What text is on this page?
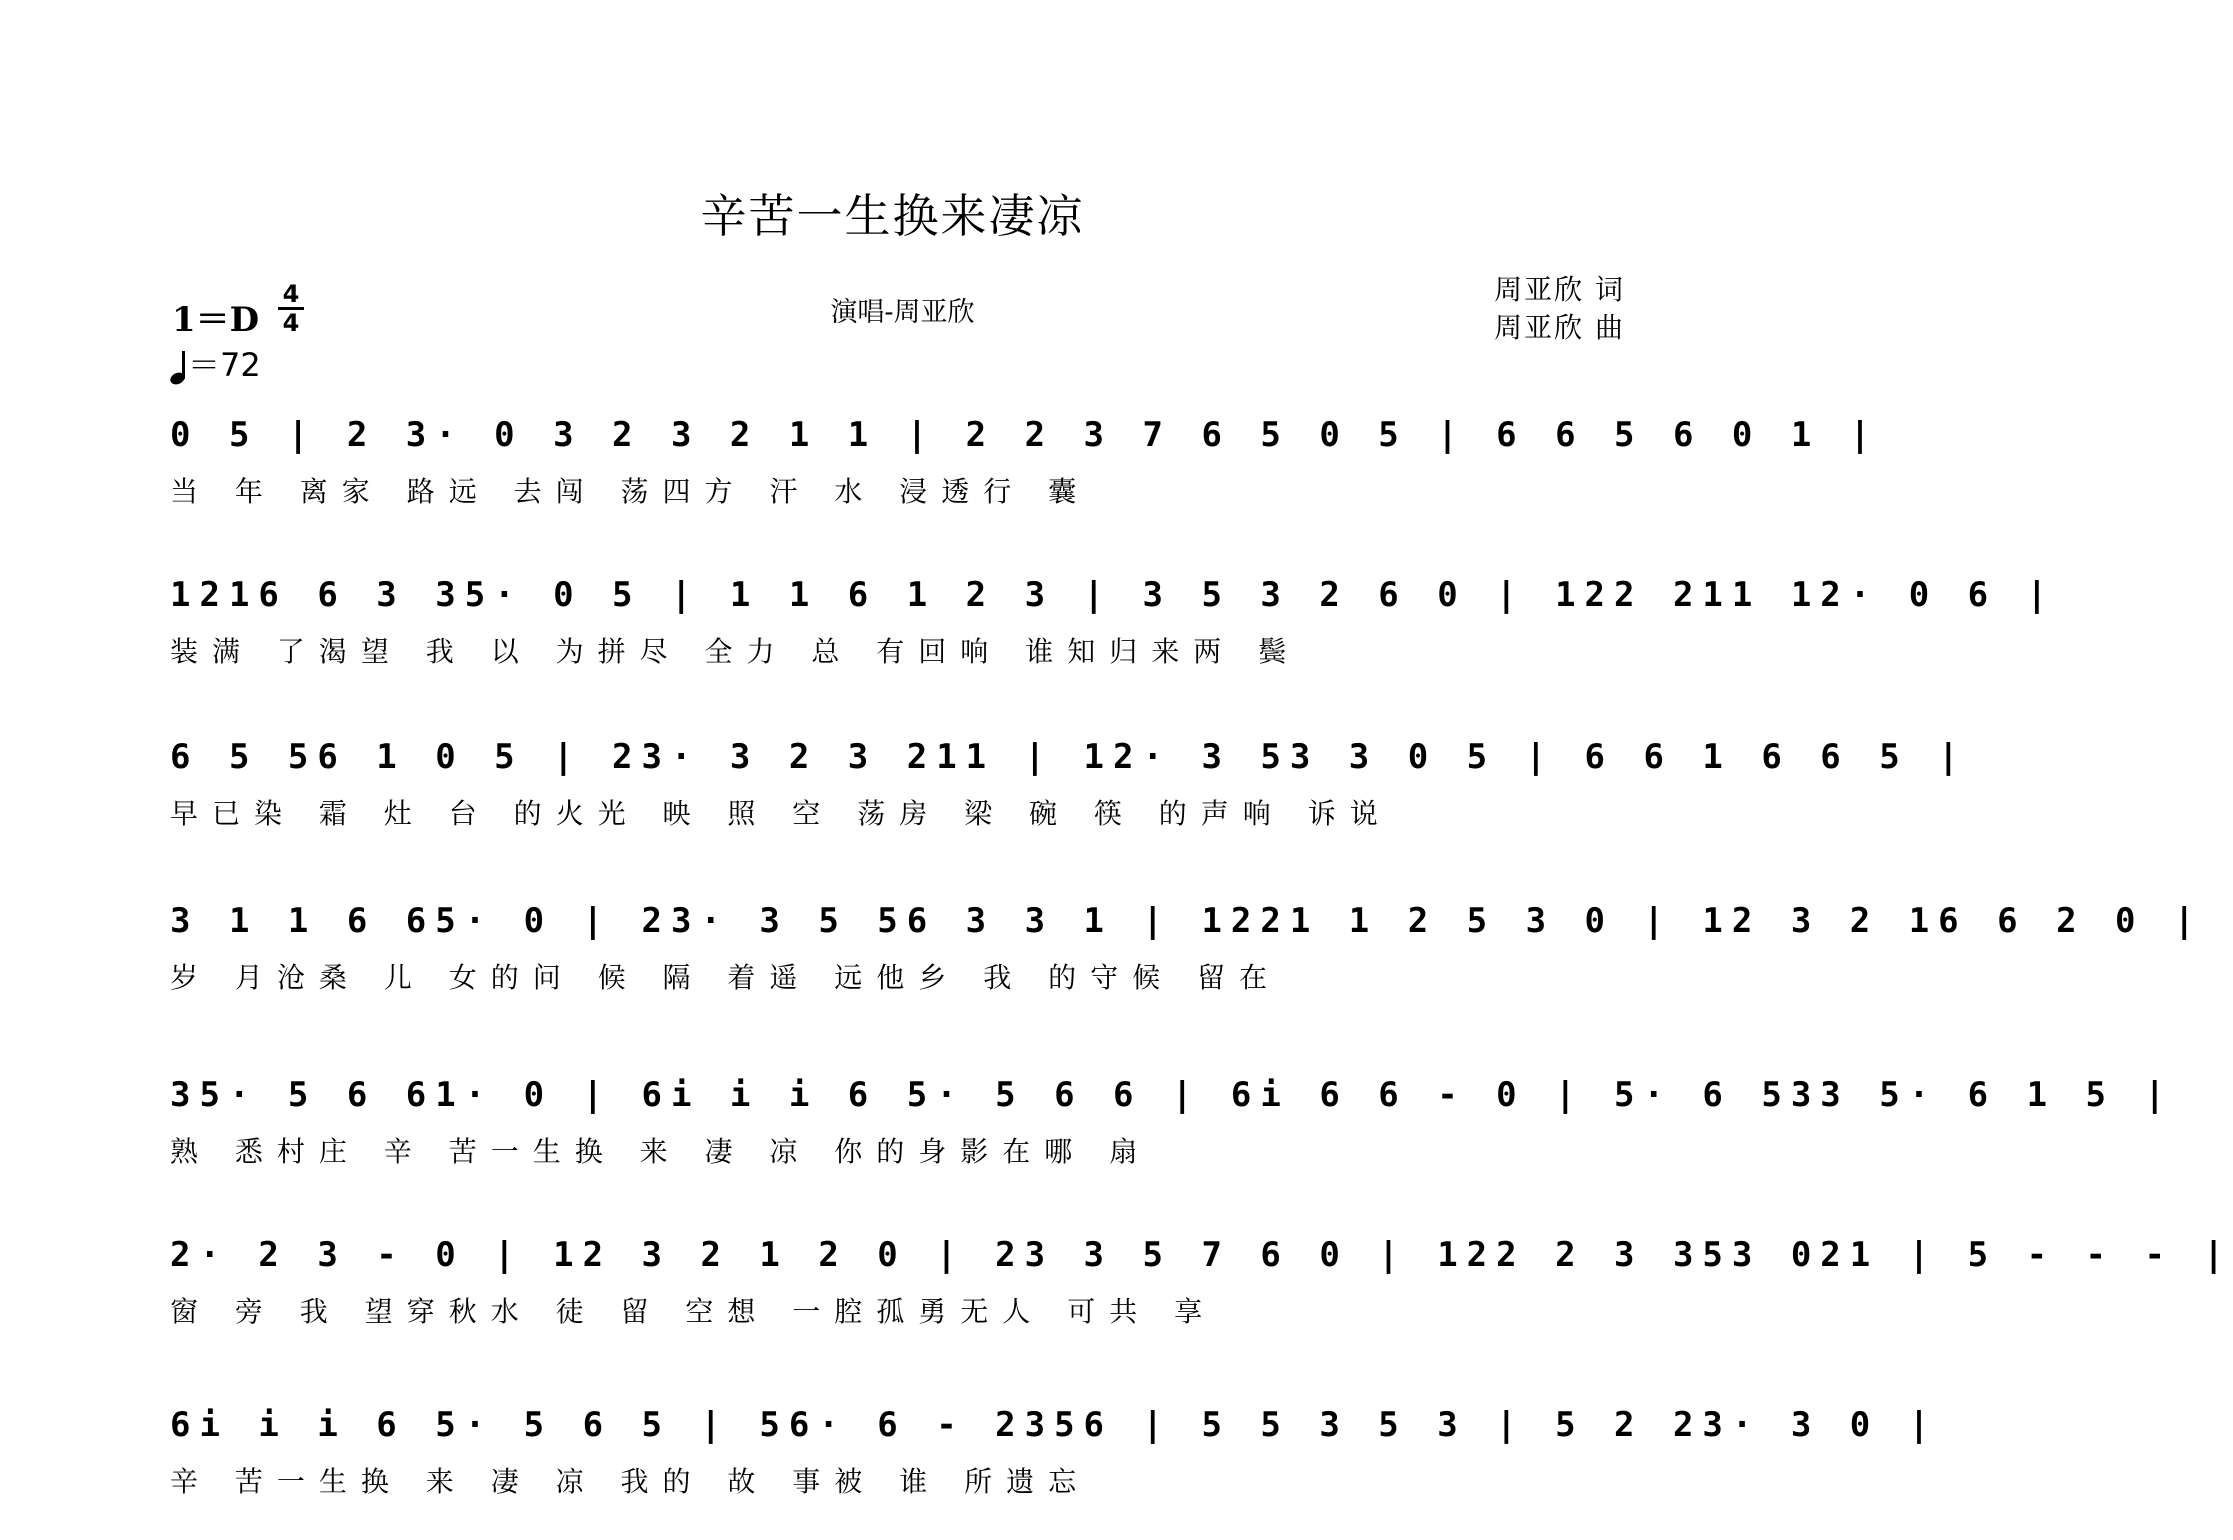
辛苦一生换来凄凉
演唱-周亚欣
周亚欣 词
周亚欣 曲
1＝D
4
4
＝72
0 5 | 2 3· 0 3 2 3 2 1 1 | 2 2 3 7 6 5 0 5 | 6 6 5 6 0 1 |
当 年 离家 路远 去闯 荡四方 汗 水 浸透行 囊
1216 6 3 35· 0 5 | 1 1 6 1 2 3 | 3 5 3 2 6 0 | 122 211 12· 0 6 |
装满 了渴望 我 以 为拼尽 全力 总 有回响 谁知归来两 鬓
6 5 56 1 0 5 | 23· 3 2 3 211 | 12· 3 53 3 0 5 | 6 6 1 6 6 5 |
早已染 霜 灶 台 的火光 映 照 空 荡房 梁 碗 筷 的声响 诉说
3 1 1 6 65· 0 | 23· 3 5 56 3 3 1 | 1221 1 2 5 3 0 | 12 3 2 16 6 2 0 |
岁 月沧桑 儿 女的问 候 隔 着遥 远他乡 我 的守候 留在
35· 5 6 61· 0 | 6i i i 6 5· 5 6 6 | 6i 6 6 - 0 | 5· 6 533 5· 6 1 5 |
熟 悉村庄 辛 苦一生换 来 凄 凉 你的身影在哪 扇
2· 2 3 - 0 | 12 3 2 1 2 0 | 23 3 5 7 6 0 | 122 2 3 353 021 | 5 - - - |
窗 旁 我 望穿秋水 徒 留 空想 一腔孤勇无人 可共 享
6i i i 6 5· 5 6 5 | 56· 6 - 2356 | 5 5 3 5 3 | 5 2 23· 3 0 |
辛 苦一生换 来 凄 凉 我的 故 事被 谁 所遗忘
